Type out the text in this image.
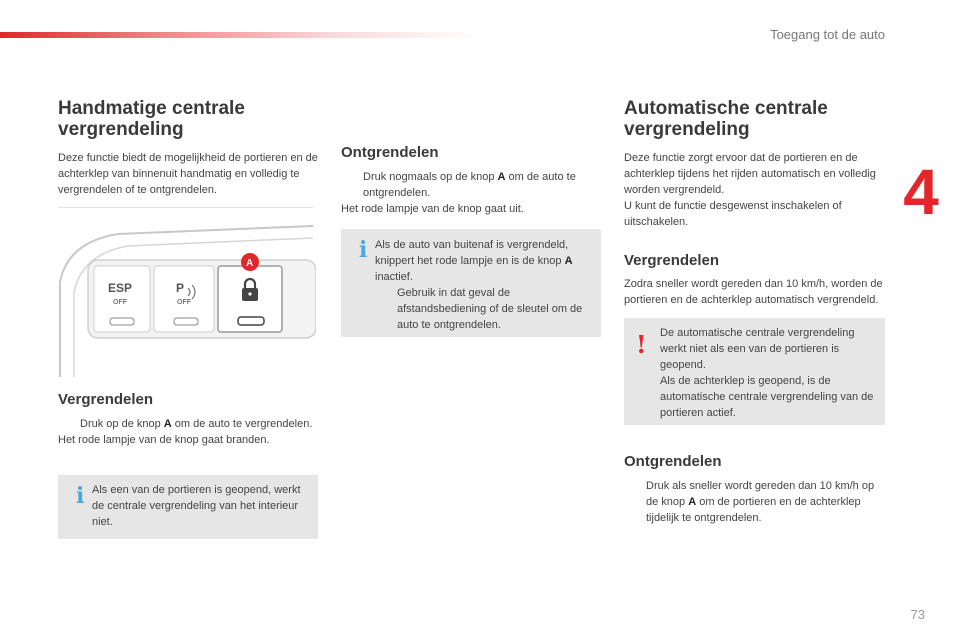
Toegang tot de auto
4
73
Handmatige centrale vergrendeling

Deze functie biedt de mogelijkheid de portieren en de achterklep van binnenuit handmatig en volledig te vergrendelen of te ontgrendelen.

ESP
OFF
P
OFF
A
Vergrendelen
Druk op de knop A om de auto te vergrendelen.

Het rode lampje van de knop gaat branden.

i Als een van de portieren is geopend, werkt de centrale vergrendeling van het interieur niet.
Ontgrendelen
Druk nogmaals op de knop A om de auto te ontgrendelen.

Het rode lampje van de knop gaat uit.

i Als de auto van buitenaf is vergrendeld, knippert het rode lampje en is de knop A inactief.
Gebruik in dat geval de afstandsbediening of de sleutel om de auto te ontgrendelen.
Automatische centrale vergrendeling

Deze functie zorgt ervoor dat de portieren en de achterklep tijdens het rijden automatisch en volledig worden vergrendeld.

U kunt de functie desgewenst inschakelen of uitschakelen.

Vergrendelen

Zodra sneller wordt gereden dan 10 km/h, worden de portieren en de achterklep automatisch vergrendeld.

! De automatische centrale vergrendeling werkt niet als een van de portieren is geopend.

Als de achterklep is geopend, is de automatische centrale vergrendeling van de portieren actief.

Ontgrendelen
Druk als sneller wordt gereden dan 10 km/h op de knop A om de portieren en de achterklep tijdelijk te ontgrendelen.
